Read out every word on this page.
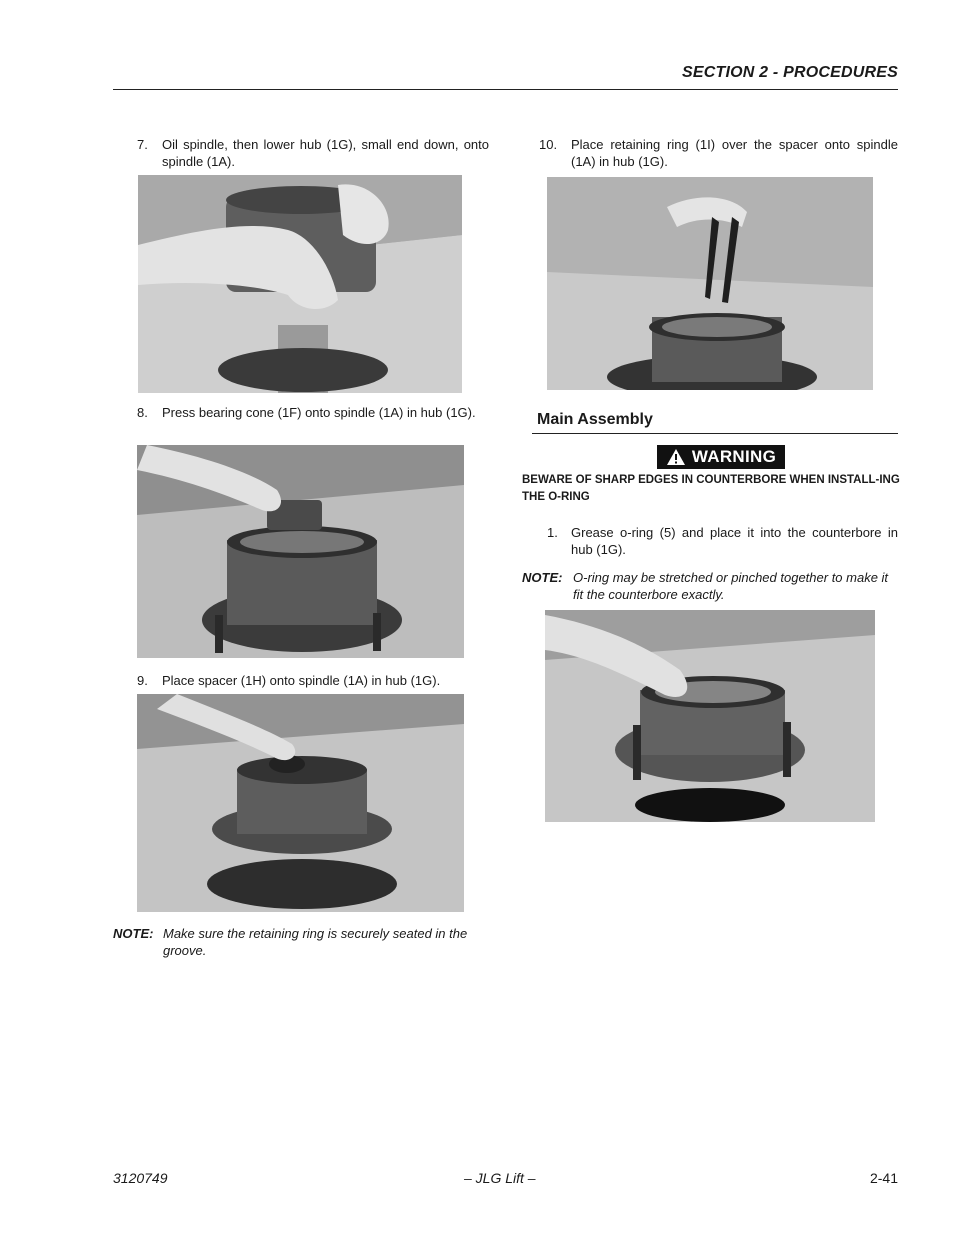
SECTION 2 - PROCEDURES
7. Oil spindle, then lower hub (1G), small end down, onto spindle (1A).
8. Press bearing cone (1F) onto spindle (1A) in hub (1G).
9. Place spacer (1H) onto spindle (1A) in hub (1G).
NOTE: Make sure the retaining ring is securely seated in the groove.
10. Place retaining ring (1I) over the spacer onto spindle (1A) in hub (1G).
Main Assembly
WARNING
BEWARE OF SHARP EDGES IN COUNTERBORE WHEN INSTALL-ING THE O-RING
1. Grease o-ring (5) and place it into the counterbore in hub (1G).
NOTE: O-ring may be stretched or pinched together to make it fit the counterbore exactly.
3120749	– JLG Lift –	2-41
